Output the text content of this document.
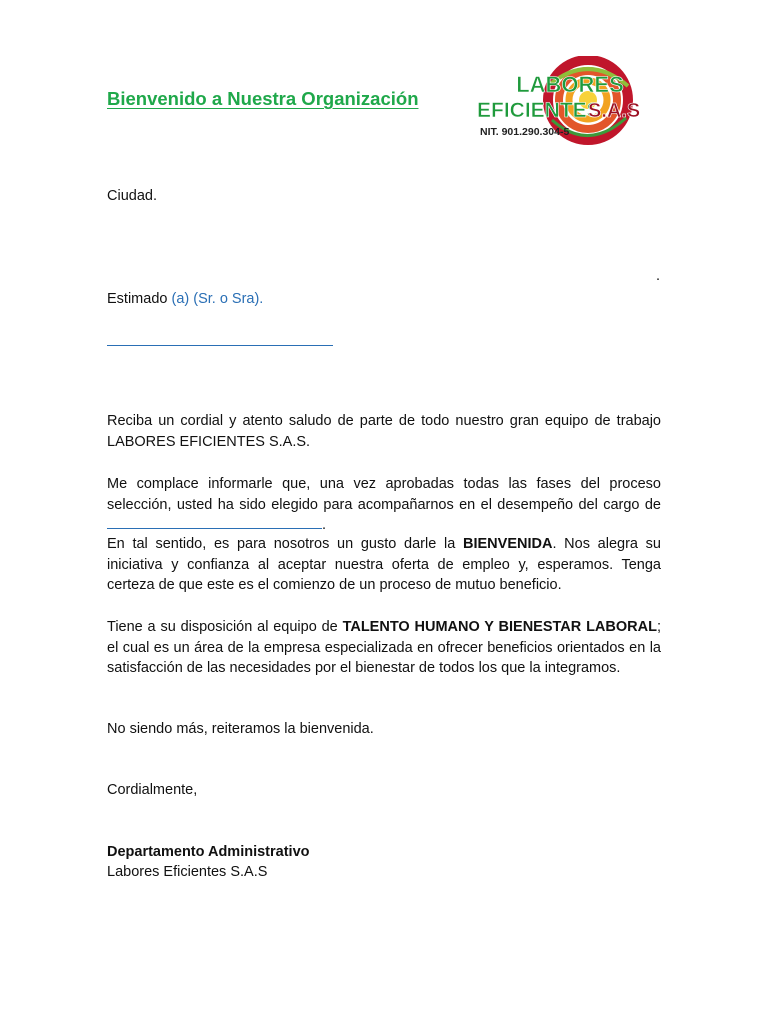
Bienvenido a Nuestra Organización
LABORES
EFICIENTES
S.A.S
NIT. 901.290.304-5
Ciudad.
.
Estimado (a) (Sr. o Sra).
Reciba un cordial y atento saludo de parte de todo nuestro gran equipo de trabajo LABORES EFICIENTES S.A.S.
Me complace informarle que, una vez aprobadas todas las fases del proceso selección, usted ha sido elegido para acompañarnos en el desempeño del cargo de .
En tal sentido, es para nosotros un gusto darle la BIENVENIDA. Nos alegra su iniciativa y confianza al aceptar nuestra oferta de empleo y, esperamos. Tenga certeza de que este es el comienzo de un proceso de mutuo beneficio.
Tiene a su disposición al equipo de TALENTO HUMANO Y BIENESTAR LABORAL; el cual es un área de la empresa especializada en ofrecer beneficios orientados en la satisfacción de las necesidades por el bienestar de todos los que la integramos.
No siendo más, reiteramos la bienvenida.
Cordialmente,
Departamento Administrativo
Labores Eficientes S.A.S
